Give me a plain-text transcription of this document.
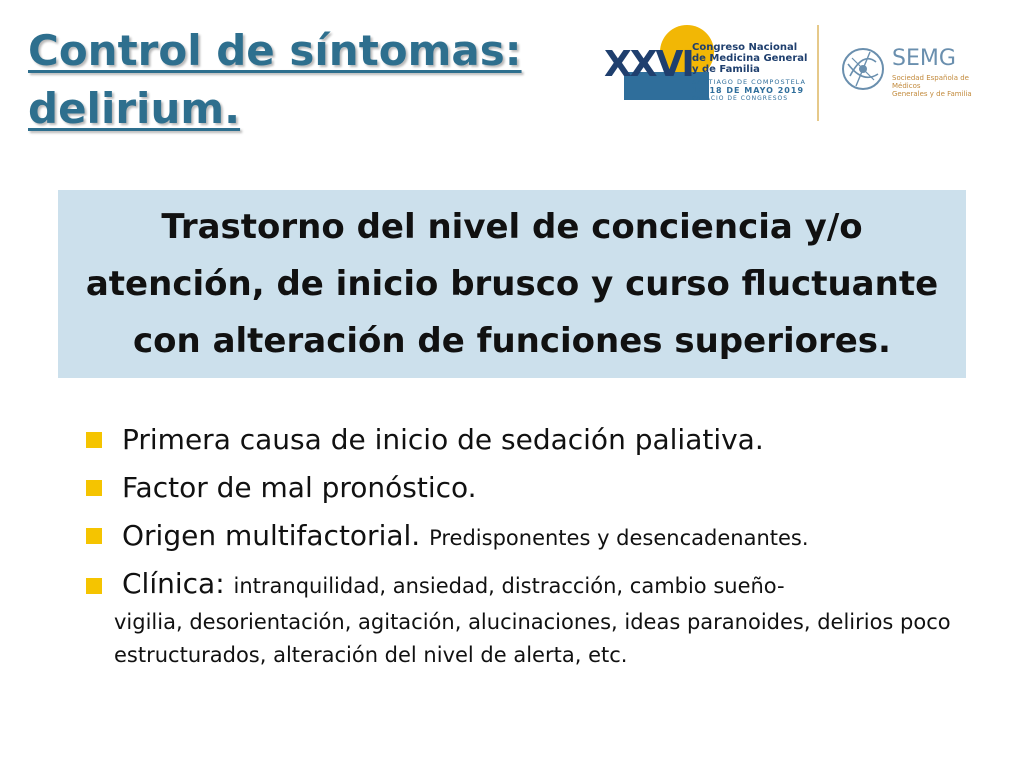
Control de síntomas:
delirium.
XXVI Congreso Nacional
de Medicina General
y de Familia
SANTIAGO DE COMPOSTELA
16-18 DE MAYO 2019
PALACIO DE CONGRESOS
SEMG
Sociedad Española de Médicos
Generales y de Familia
Trastorno del nivel de conciencia y/o atención, de inicio brusco y curso fluctuante con alteración de funciones superiores.
Primera causa de inicio de sedación paliativa.
Factor de mal pronóstico.
Origen multifactorial. Predisponentes y desencadenantes.
Clínica: intranquilidad, ansiedad, distracción, cambio sueño-
vigilia, desorientación, agitación, alucinaciones, ideas paranoides, delirios poco estructurados, alteración del nivel de alerta, etc.
